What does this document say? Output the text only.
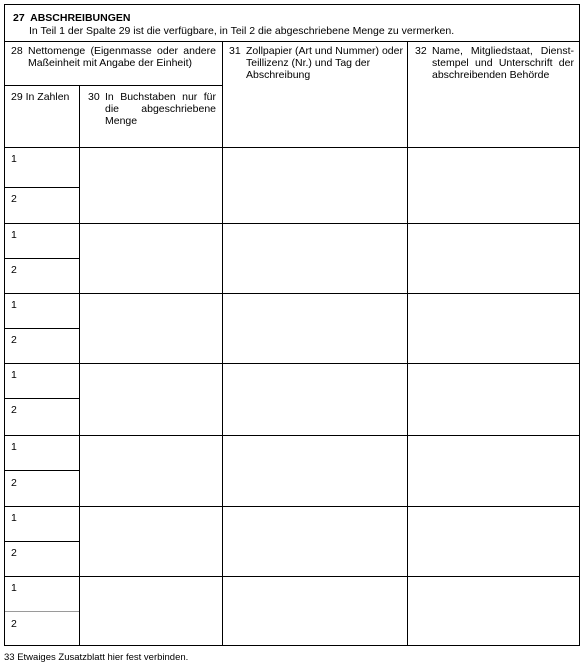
27 ABSCHREIBUNGEN
In Teil 1 der Spalte 29 ist die verfügbare, in Teil 2 die abgeschriebene Menge zu vermerken.
28 Nettomenge (Eigenmasse oder andere Maßeinheit mit Angabe der Einheit)
31 Zollpapier (Art und Nummer) oder Teillizenz (Nr.) und Tag der Abschreibung
32 Name, Mitgliedstaat, Dienst-stempel und Unterschrift der abschreibenden Behörde
29 In Zahlen 30 In Buchstaben nur für die abgeschriebene Menge
1
2
1
2
1
2
1
2
1
2
1
2
1
2
33 Etwaiges Zusatzblatt hier fest verbinden.
